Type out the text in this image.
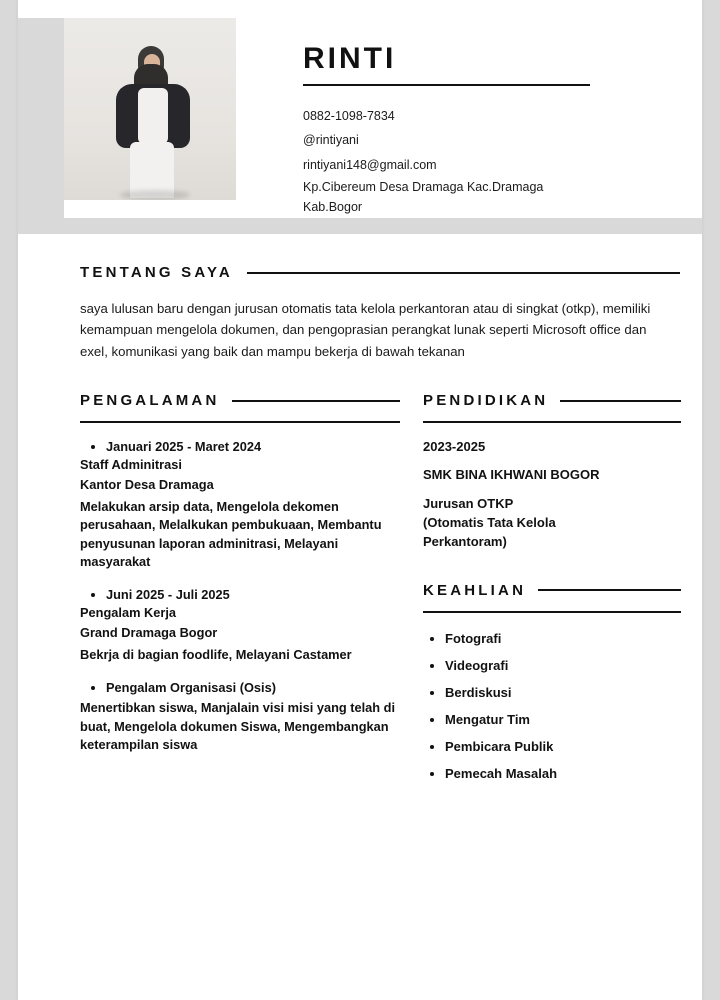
RINTI
0882-1098-7834
@rintiyani
rintiyani148@gmail.com
Kp.Cibereum Desa Dramaga Kac.Dramaga
Kab.Bogor
TENTANG SAYA
saya lulusan baru dengan jurusan otomatis tata kelola perkantoran atau di singkat (otkp), memiliki kemampuan mengelola dokumen, dan pengoprasian perangkat lunak seperti Microsoft office dan exel, komunikasi yang baik dan mampu bekerja di bawah tekanan
PENGALAMAN
• Januari 2025 - Maret 2024
Staff Adminitrasi
Kantor Desa Dramaga
Melakukan arsip data, Mengelola dekomen perusahaan, Melalkukan pembukuaan, Membantu penyusunan laporan adminitrasi, Melayani masyarakat
• Juni 2025 - Juli 2025
Pengalam Kerja
Grand Dramaga Bogor
Bekrja di bagian foodlife, Melayani Castamer
• Pengalam Organisasi (Osis)
Menertibkan siswa, Manjalain visi misi yang telah di buat, Mengelola dokumen Siswa, Mengembangkan keterampilan siswa
PENDIDIKAN
2023-2025
SMK BINA IKHWANI BOGOR
Jurusan OTKP
(Otomatis Tata Kelola
Perkantoram)
KEAHLIAN
• Fotografi
• Videografi
• Berdiskusi
• Mengatur Tim
• Pembicara Publik
• Pemecah Masalah
